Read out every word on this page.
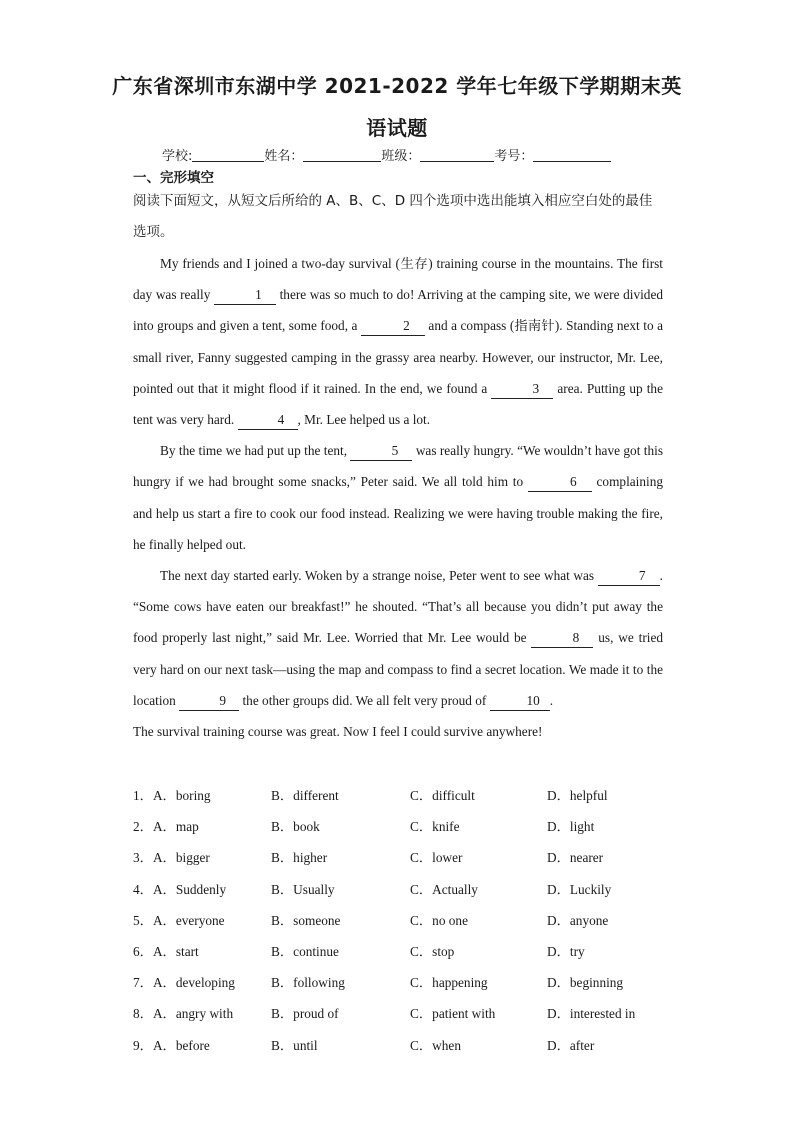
广东省深圳市东湖中学 2021-2022 学年七年级下学期期末英
语试题
学校:	姓名：	班级：	考号：
一、完形填空
阅读下面短文，从短文后所给的 A、B、C、D 四个选项中选出能填入相应空白处的最佳选项。

My friends and I joined a two-day survival (生存) training course in the mountains. The first day was really	1 there was so much to do! Arriving at the camping site, we were divided into groups and given a tent, some food, a	2 and a compass (指南针). Standing next to a small river, Fanny suggested camping in the grassy area nearby. However, our instructor, Mr. Lee, pointed out that it might flood if it rained. In the end, we found a	3 area. Putting up the tent was very hard.	4 , Mr. Lee helped us a lot.

By the time we had put up the tent,	5 was really hungry. “We wouldn’t have got this hungry if we had brought some snacks,” Peter said. We all told him to	6 complaining and help us start a fire to cook our food instead. Realizing we were having trouble making the fire, he finally helped out.

The next day started early. Woken by a strange noise, Peter went to see what was	7 . “Some cows have eaten our breakfast!” he shouted. “That’s all because you didn’t put away the food properly last night,” said Mr. Lee. Worried that Mr. Lee would be	8 us, we tried very hard on our next task—using the map and compass to find a secret location. We made it to the location	9 the other groups did. We all felt very proud of	10 .

The survival training course was great. Now I feel I could survive anywhere!

1．A．boring	B．different	C．difficult	D．helpful
2．A．map	B．book	C．knife	D．light
3．A．bigger	B．higher	C．lower	D．nearer
4．A．Suddenly	B．Usually	C．Actually	D．Luckily
5．A．everyone	B．someone	C．no one	D．anyone
6．A．start	B．continue	C．stop	D．try
7．A．developing	B．following	C．happening	D．beginning
8．A．angry with	B．proud of	C．patient with	D．interested in
9．A．before	B．until	C．when	D．after
